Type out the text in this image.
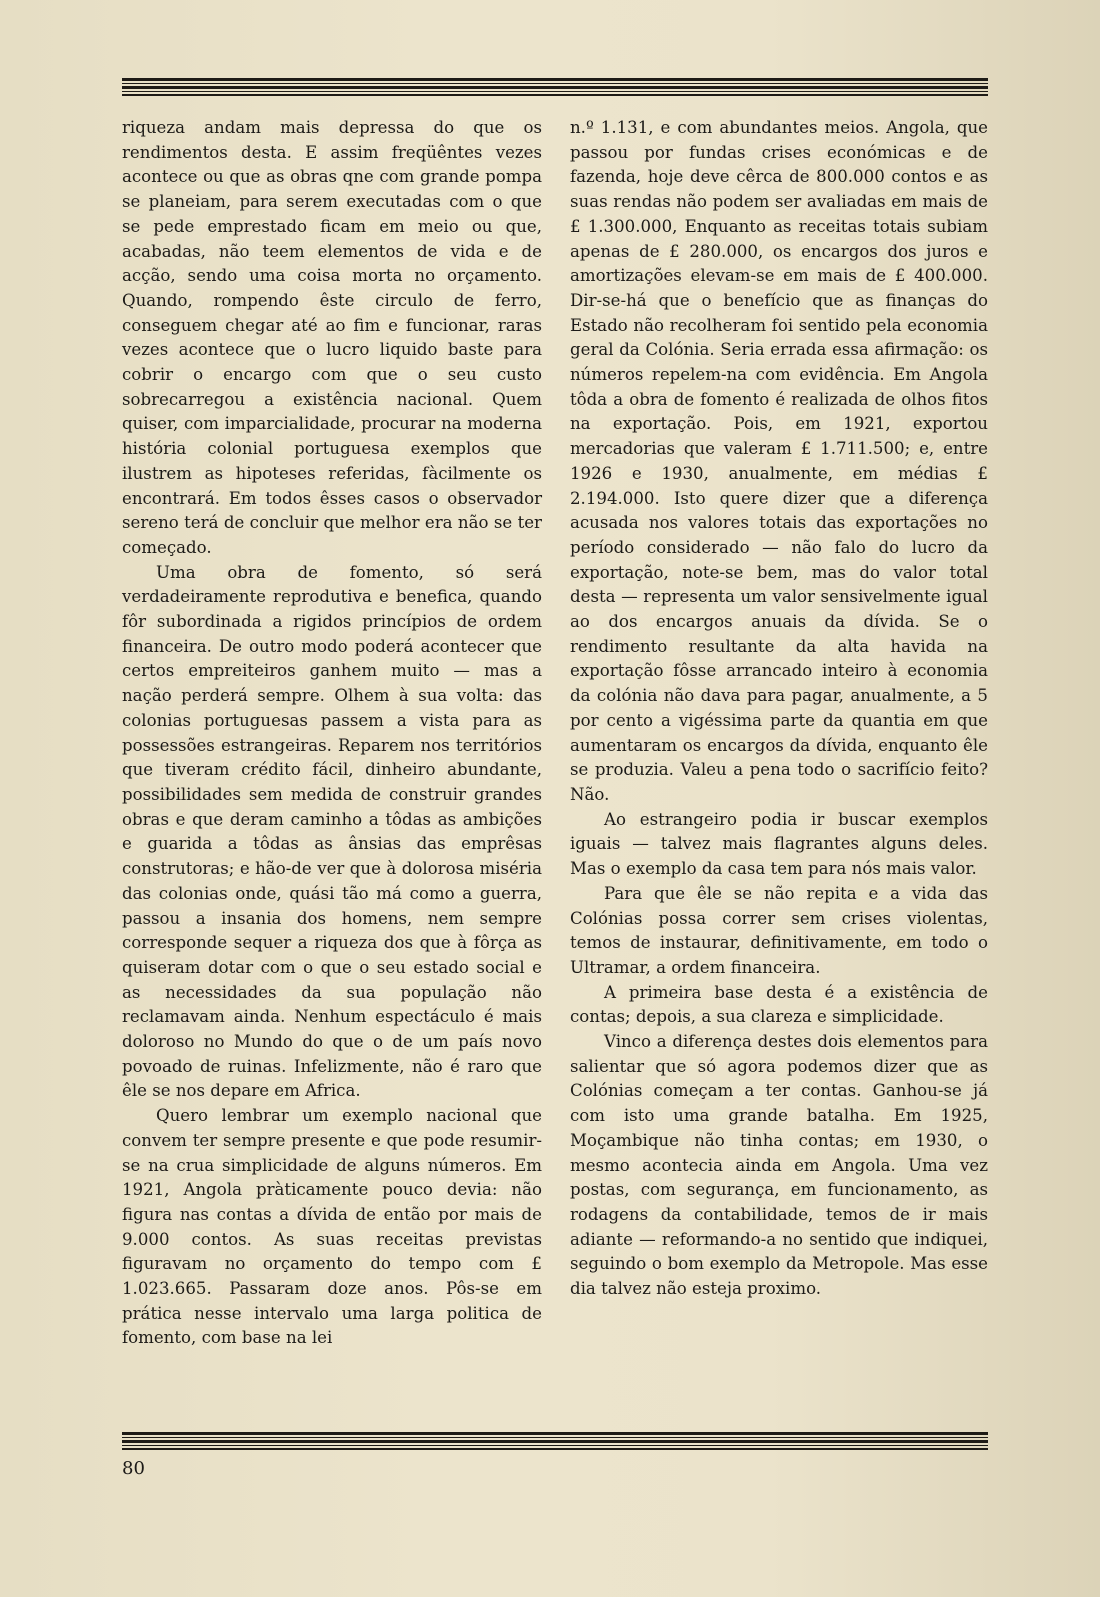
riqueza andam mais depressa do que os rendimentos desta. E assim freqüêntes vezes acontece ou que as obras qne com grande pompa se planeiam, para serem executadas com o que se pede emprestado ficam em meio ou que, acabadas, não teem elementos de vida e de acção, sendo uma coisa morta no orçamento. Quando, rompendo êste circulo de ferro, conseguem chegar até ao fim e funcionar, raras vezes acontece que o lucro liquido baste para cobrir o encargo com que o seu custo sobrecarregou a existência nacional. Quem quiser, com imparcialidade, procurar na moderna história colonial portuguesa exemplos que ilustrem as hipoteses referidas, fàcilmente os encontrará. Em todos êsses casos o observador sereno terá de concluir que melhor era não se ter começado.

Uma obra de fomento, só será verdadeiramente reprodutiva e benefica, quando fôr subordinada a rigidos princípios de ordem financeira. De outro modo poderá acontecer que certos empreiteiros ganhem muito — mas a nação perderá sempre. Olhem à sua volta: das colonias portuguesas passem a vista para as possessões estrangeiras. Reparem nos territórios que tiveram crédito fácil, dinheiro abundante, possibilidades sem medida de construir grandes obras e que deram caminho a tôdas as ambições e guarida a tôdas as ânsias das emprêsas construtoras; e hão-de ver que à dolorosa miséria das colonias onde, quási tão má como a guerra, passou a insania dos homens, nem sempre corresponde sequer a riqueza dos que à fôrça as quiseram dotar com o que o seu estado social e as necessidades da sua população não reclamavam ainda. Nenhum espectáculo é mais doloroso no Mundo do que o de um país novo povoado de ruinas. Infelizmente, não é raro que êle se nos depare em Africa.

Quero lembrar um exemplo nacional que convem ter sempre presente e que pode resumir-se na crua simplicidade de alguns números. Em 1921, Angola pràticamente pouco devia: não figura nas contas a dívida de então por mais de 9.000 contos. As suas receitas previstas figuravam no orçamento do tempo com £ 1.023.665. Passaram doze anos. Pôs-se em prática nesse intervalo uma larga politica de fomento, com base na lei

n.º 1.131, e com abundantes meios. Angola, que passou por fundas crises económicas e de fazenda, hoje deve cêrca de 800.000 contos e as suas rendas não podem ser avaliadas em mais de £ 1.300.000, Enquanto as receitas totais subiam apenas de £ 280.000, os encargos dos juros e amortizações elevam-se em mais de £ 400.000. Dir-se-há que o benefício que as finanças do Estado não recolheram foi sentido pela economia geral da Colónia. Seria errada essa afirmação: os números repelem-na com evidência. Em Angola tôda a obra de fomento é realizada de olhos fitos na exportação. Pois, em 1921, exportou mercadorias que valeram £ 1.711.500; e, entre 1926 e 1930, anualmente, em médias £ 2.194.000. Isto quere dizer que a diferença acusada nos valores totais das exportações no período considerado — não falo do lucro da exportação, note-se bem, mas do valor total desta — representa um valor sensivelmente igual ao dos encargos anuais da dívida. Se o rendimento resultante da alta havida na exportação fôsse arrancado inteiro à economia da colónia não dava para pagar, anualmente, a 5 por cento a vigéssima parte da quantia em que aumentaram os encargos da dívida, enquanto êle se produzia. Valeu a pena todo o sacrifício feito? Não.

Ao estrangeiro podia ir buscar exemplos iguais — talvez mais flagrantes alguns deles. Mas o exemplo da casa tem para nós mais valor.

Para que êle se não repita e a vida das Colónias possa correr sem crises violentas, temos de instaurar, definitivamente, em todo o Ultramar, a ordem financeira.

A primeira base desta é a existência de contas; depois, a sua clareza e simplicidade.

Vinco a diferença destes dois elementos para salientar que só agora podemos dizer que as Colónias começam a ter contas. Ganhou-se já com isto uma grande batalha. Em 1925, Moçambique não tinha contas; em 1930, o mesmo acontecia ainda em Angola. Uma vez postas, com segurança, em funcionamento, as rodagens da contabilidade, temos de ir mais adiante — reformando-a no sentido que indiquei, seguindo o bom exemplo da Metropole. Mas esse dia talvez não esteja proximo.

80
